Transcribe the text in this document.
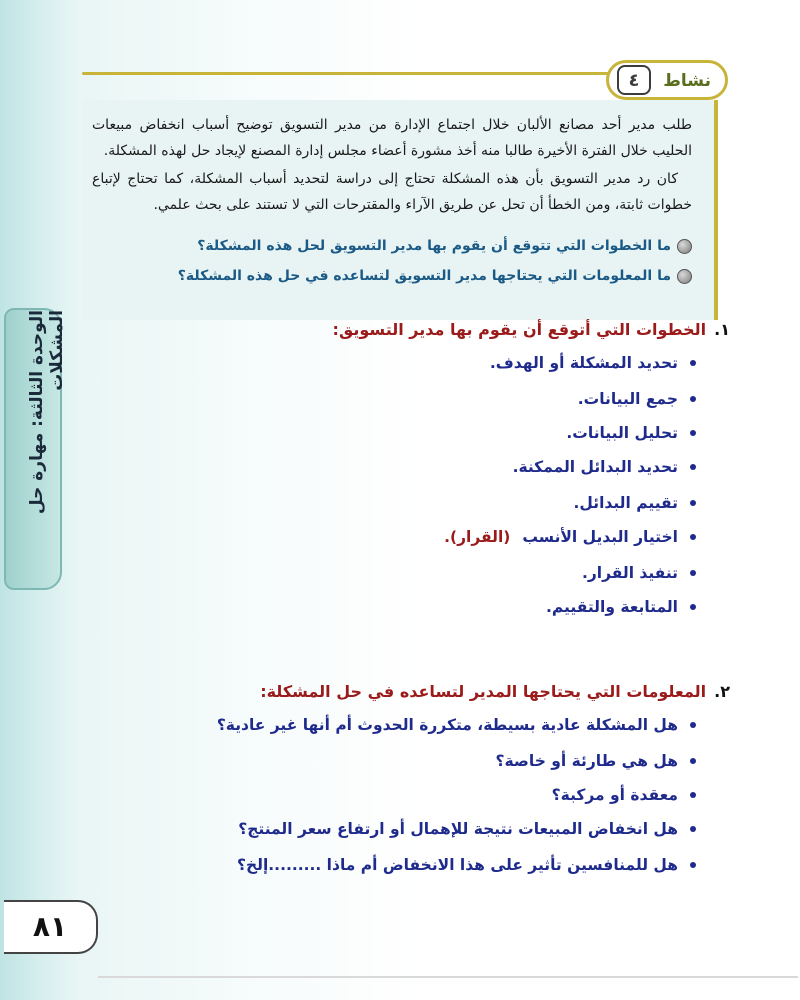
نشاط
٤

طلب مدير أحد مصانع الألبان خلال اجتماع الإدارة من مدير التسويق توضيح أسباب انخفاض مبيعات الحليب خلال الفترة الأخيرة طالبا منه أخذ مشورة أعضاء مجلس إدارة المصنع لإيجاد حل لهذه المشكلة.

كان رد مدير التسويق بأن هذه المشكلة تحتاج إلى دراسة لتحديد أسباب المشكلة، كما تحتاج لإتباع خطوات ثابتة، ومن الخطأ أن تحل عن طريق الآراء والمقترحات التي لا تستند على بحث علمي.

ما الخطوات التي تتوقع أن يقوم بها مدير التسويق لحل هذه المشكلة؟
ما المعلومات التي يحتاجها مدير التسويق لتساعده في حل هذه المشكلة؟
الوحدة الثالثة: مهارة حل المشكلات	١.
الخطوات التي أتوقع أن يقوم بها مدير التسويق:
تحديد المشكلة أو الهدف.
جمع البيانات.
تحليل البيانات.
تحديد البدائل الممكنة.
تقييم البدائل.
اختيار البديل الأنسب
(القرار).
تنفيذ القرار.
المتابعة والتقييم.
٢.
المعلومات التي يحتاجها المدير لتساعده في حل المشكلة:
هل المشكلة عادية بسيطة، متكررة الحدوث أم أنها غير عادية؟
هل هي طارئة أو خاصة؟
معقدة أو مركبة؟
هل انخفاض المبيعات نتيجة للإهمال أو ارتفاع سعر المنتج؟
هل للمنافسين تأثير على هذا الانخفاض أم ماذا .........إلخ؟
٨١
